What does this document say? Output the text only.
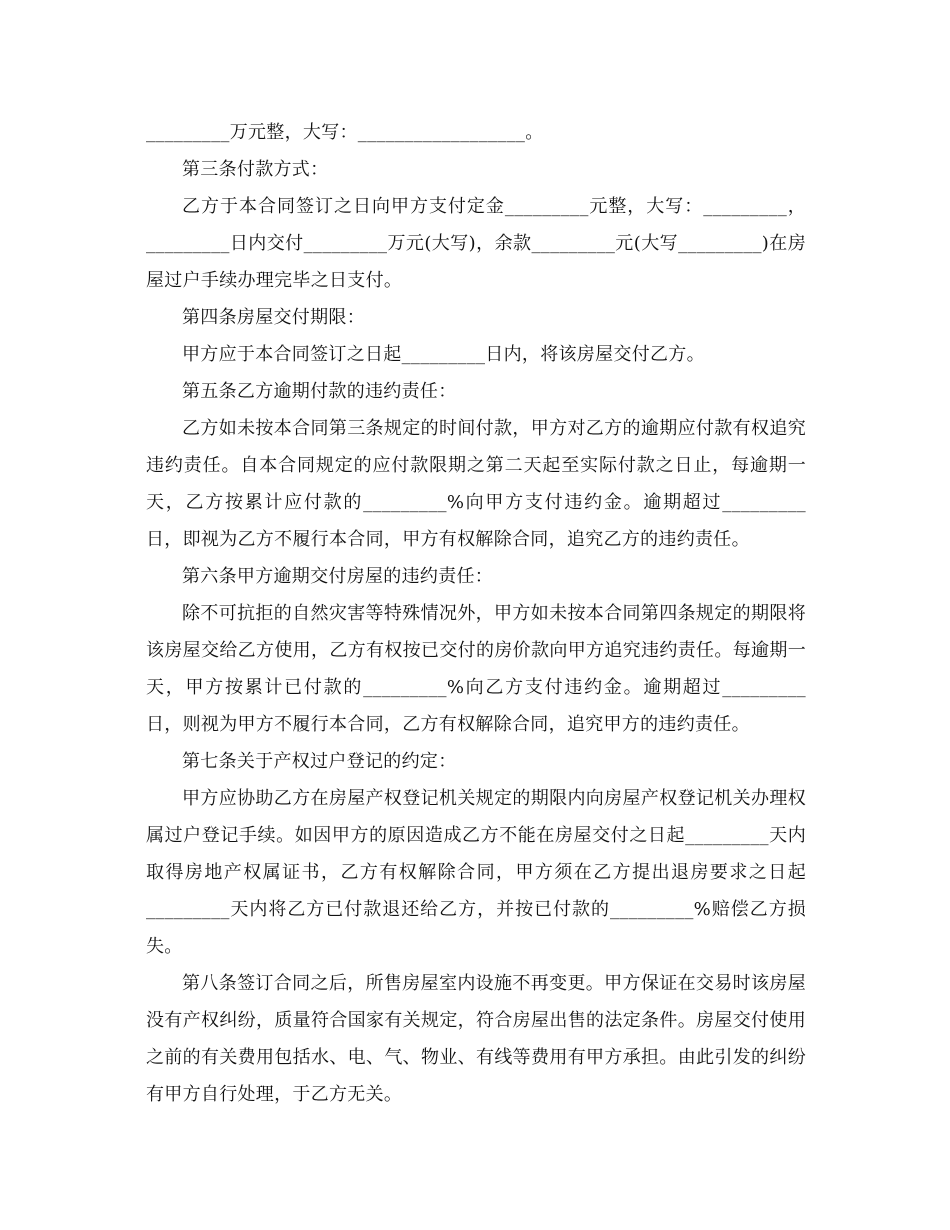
_________万元整，大写：__________________。

第三条付款方式：

乙方于本合同签订之日向甲方支付定金_________元整，大写：_________，_________日内交付_________万元(大写)，余款_________元(大写_________)在房屋过户手续办理完毕之日支付。

第四条房屋交付期限：

甲方应于本合同签订之日起_________日内，将该房屋交付乙方。

第五条乙方逾期付款的违约责任：

乙方如未按本合同第三条规定的时间付款，甲方对乙方的逾期应付款有权追究违约责任。自本合同规定的应付款限期之第二天起至实际付款之日止，每逾期一天，乙方按累计应付款的_________%向甲方支付违约金。逾期超过_________日，即视为乙方不履行本合同，甲方有权解除合同，追究乙方的违约责任。

第六条甲方逾期交付房屋的违约责任：

除不可抗拒的自然灾害等特殊情况外，甲方如未按本合同第四条规定的期限将该房屋交给乙方使用，乙方有权按已交付的房价款向甲方追究违约责任。每逾期一天，甲方按累计已付款的_________%向乙方支付违约金。逾期超过_________日，则视为甲方不履行本合同，乙方有权解除合同，追究甲方的违约责任。

第七条关于产权过户登记的约定：

甲方应协助乙方在房屋产权登记机关规定的期限内向房屋产权登记机关办理权属过户登记手续。如因甲方的原因造成乙方不能在房屋交付之日起_________天内取得房地产权属证书，乙方有权解除合同，甲方须在乙方提出退房要求之日起_________天内将乙方已付款退还给乙方，并按已付款的_________%赔偿乙方损失。

第八条签订合同之后，所售房屋室内设施不再变更。甲方保证在交易时该房屋没有产权纠纷，质量符合国家有关规定，符合房屋出售的法定条件。房屋交付使用之前的有关费用包括水、电、气、物业、有线等费用有甲方承担。由此引发的纠纷有甲方自行处理，于乙方无关。
